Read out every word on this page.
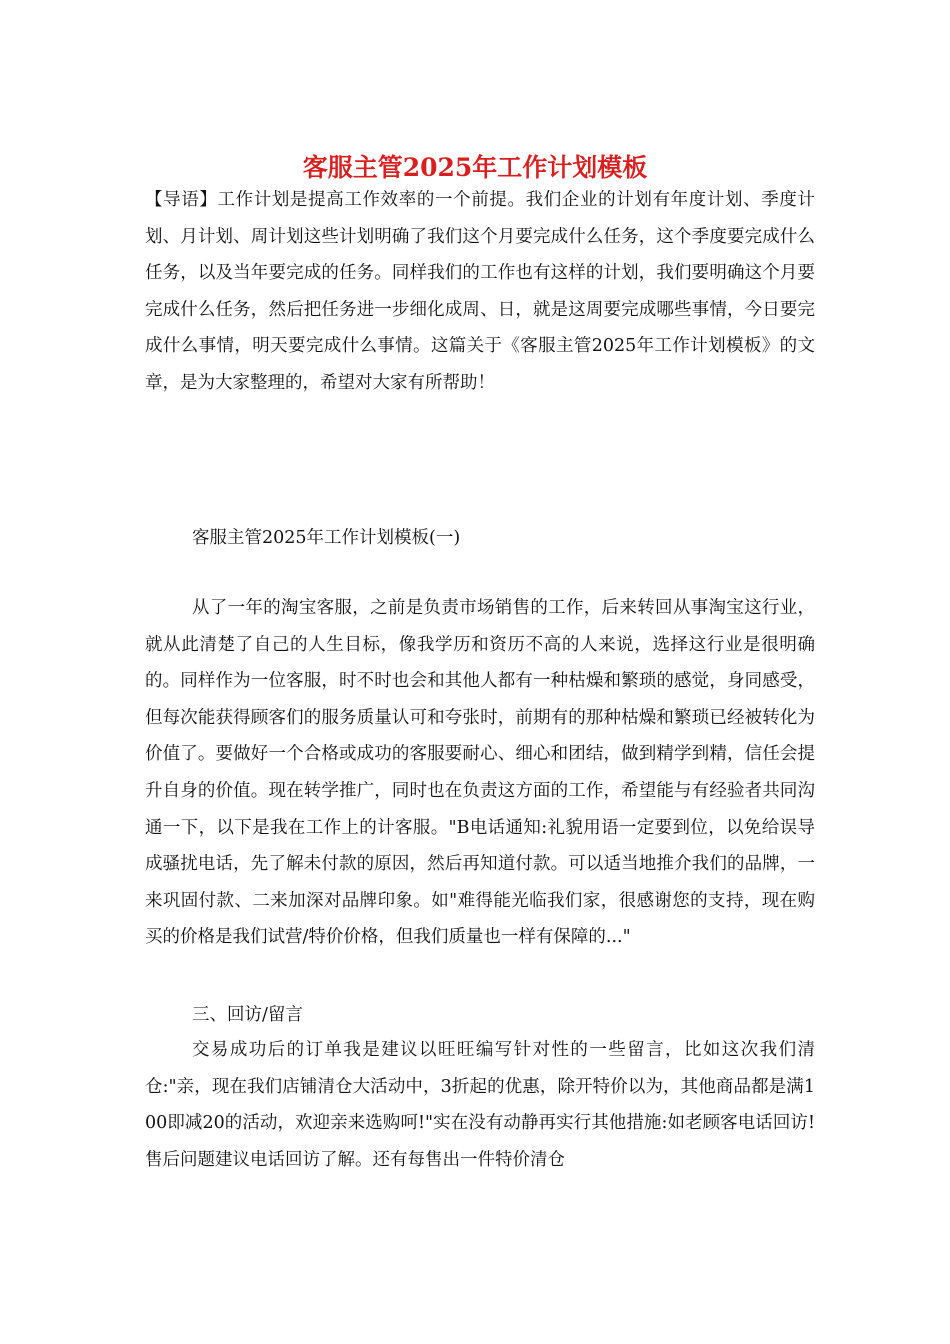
客服主管2025年工作计划模板

【导语】工作计划是提高工作效率的一个前提。我们企业的计划有年度计划、季度计划、月计划、周计划这些计划明确了我们这个月要完成什么任务，这个季度要完成什么任务，以及当年要完成的任务。同样我们的工作也有这样的计划，我们要明确这个月要完成什么任务，然后把任务进一步细化成周、日，就是这周要完成哪些事情，今日要完成什么事情，明天要完成什么事情。这篇关于《客服主管2025年工作计划模板》的文章，是为大家整理的，希望对大家有所帮助！

客服主管2025年工作计划模板(一)

从了一年的淘宝客服，之前是负责市场销售的工作，后来转回从事淘宝这行业，就从此清楚了自己的人生目标，像我学历和资历不高的人来说，选择这行业是很明确的。同样作为一位客服，时不时也会和其他人都有一种枯燥和繁琐的感觉，身同感受，但每次能获得顾客们的服务质量认可和夸张时，前期有的那种枯燥和繁琐已经被转化为价值了。要做好一个合格或成功的客服要耐心、细心和团结，做到精学到精，信任会提升自身的价值。现在转学推广，同时也在负责这方面的工作，希望能与有经验者共同沟通一下，以下是我在工作上的计客服。"B电话通知:礼貌用语一定要到位，以免给误导成骚扰电话，先了解未付款的原因，然后再知道付款。可以适当地推介我们的品牌，一来巩固付款、二来加深对品牌印象。如"难得能光临我们家，很感谢您的支持，现在购买的价格是我们试营/特价价格，但我们质量也一样有保障的..."

三、回访/留言

交易成功后的订单我是建议以旺旺编写针对性的一些留言，比如这次我们清仓:"亲，现在我们店铺清仓大活动中，3折起的优惠，除开特价以为，其他商品都是满100即减20的活动，欢迎亲来选购呵!"实在没有动静再实行其他措施:如老顾客电话回访!售后问题建议电话回访了解。还有每售出一件特价清仓
